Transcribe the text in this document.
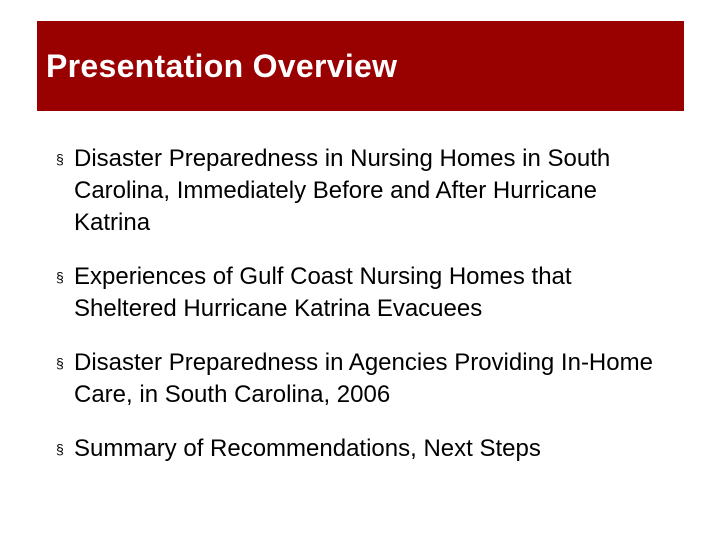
Presentation Overview
§ Disaster Preparedness in Nursing Homes in South Carolina, Immediately Before and After Hurricane Katrina
§ Experiences of Gulf Coast Nursing Homes that Sheltered Hurricane Katrina Evacuees
§ Disaster Preparedness in Agencies Providing In-Home Care, in South Carolina, 2006
§ Summary of Recommendations, Next Steps
